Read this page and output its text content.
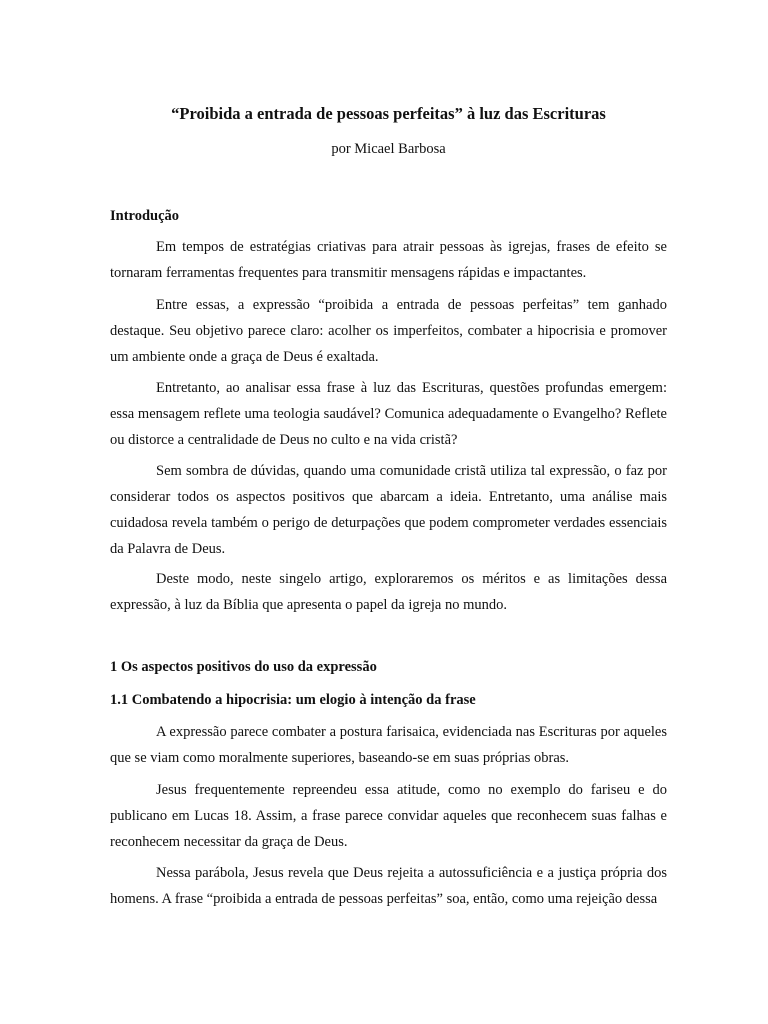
“Proibida a entrada de pessoas perfeitas” à luz das Escrituras

por Micael Barbosa

Introdução

Em tempos de estratégias criativas para atrair pessoas às igrejas, frases de efeito se tornaram ferramentas frequentes para transmitir mensagens rápidas e impactantes.

Entre essas, a expressão “proibida a entrada de pessoas perfeitas” tem ganhado destaque. Seu objetivo parece claro: acolher os imperfeitos, combater a hipocrisia e promover um ambiente onde a graça de Deus é exaltada.

Entretanto, ao analisar essa frase à luz das Escrituras, questões profundas emergem: essa mensagem reflete uma teologia saudável? Comunica adequadamente o Evangelho? Reflete ou distorce a centralidade de Deus no culto e na vida cristã?

Sem sombra de dúvidas, quando uma comunidade cristã utiliza tal expressão, o faz por considerar todos os aspectos positivos que abarcam a ideia. Entretanto, uma análise mais cuidadosa revela também o perigo de deturpações que podem comprometer verdades essenciais da Palavra de Deus.

Deste modo, neste singelo artigo, exploraremos os méritos e as limitações dessa expressão, à luz da Bíblia que apresenta o papel da igreja no mundo.

1 Os aspectos positivos do uso da expressão
1.1 Combatendo a hipocrisia: um elogio à intenção da frase

A expressão parece combater a postura farisaica, evidenciada nas Escrituras por aqueles que se viam como moralmente superiores, baseando-se em suas próprias obras.

Jesus frequentemente repreendeu essa atitude, como no exemplo do fariseu e do publicano em Lucas 18. Assim, a frase parece convidar aqueles que reconhecem suas falhas e reconhecem necessitar da graça de Deus.

Nessa parábola, Jesus revela que Deus rejeita a autossuficiência e a justiça própria dos homens. A frase “proibida a entrada de pessoas perfeitas” soa, então, como uma rejeição dessa
